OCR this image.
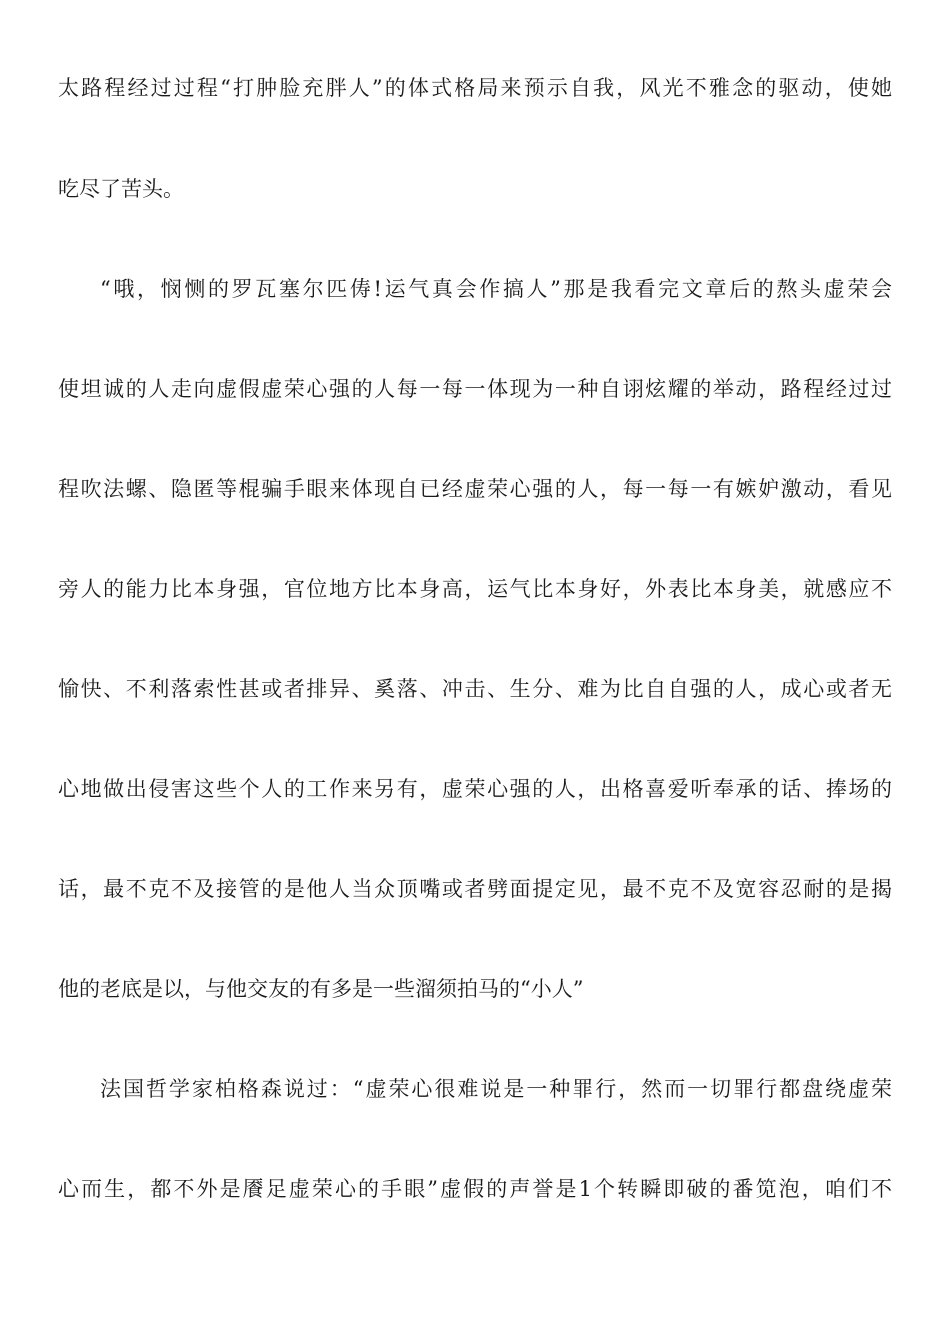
太路程经过过程“打肿脸充胖人”的体式格局来预示自我，风光不雅念的驱动，使她
吃尽了苦头。
“哦，悯恻的罗瓦塞尔匹俦!运气真会作搞人”那是我看完文章后的熬头虚荣会
使坦诚的人走向虚假虚荣心强的人每一每一体现为一种自诩炫耀的举动，路程经过过
程吹法螺、隐匿等棍骗手眼来体现自已经虚荣心强的人，每一每一有嫉妒激动，看见
旁人的能力比本身强，官位地方比本身高，运气比本身好，外表比本身美，就感应不
愉快、不利落索性甚或者排异、奚落、冲击、生分、难为比自自强的人，成心或者无
心地做出侵害这些个人的工作来另有，虚荣心强的人，出格喜爱听奉承的话、捧场的
话，最不克不及接管的是他人当众顶嘴或者劈面提定见，最不克不及宽容忍耐的是揭
他的老底是以，与他交友的有多是一些溜须拍马的“小人”
法国哲学家柏格森说过：“虚荣心很难说是一种罪行，然而一切罪行都盘绕虚荣
心而生，都不外是餍足虚荣心的手眼”虚假的声誉是1个转瞬即破的番笕泡，咱们不
